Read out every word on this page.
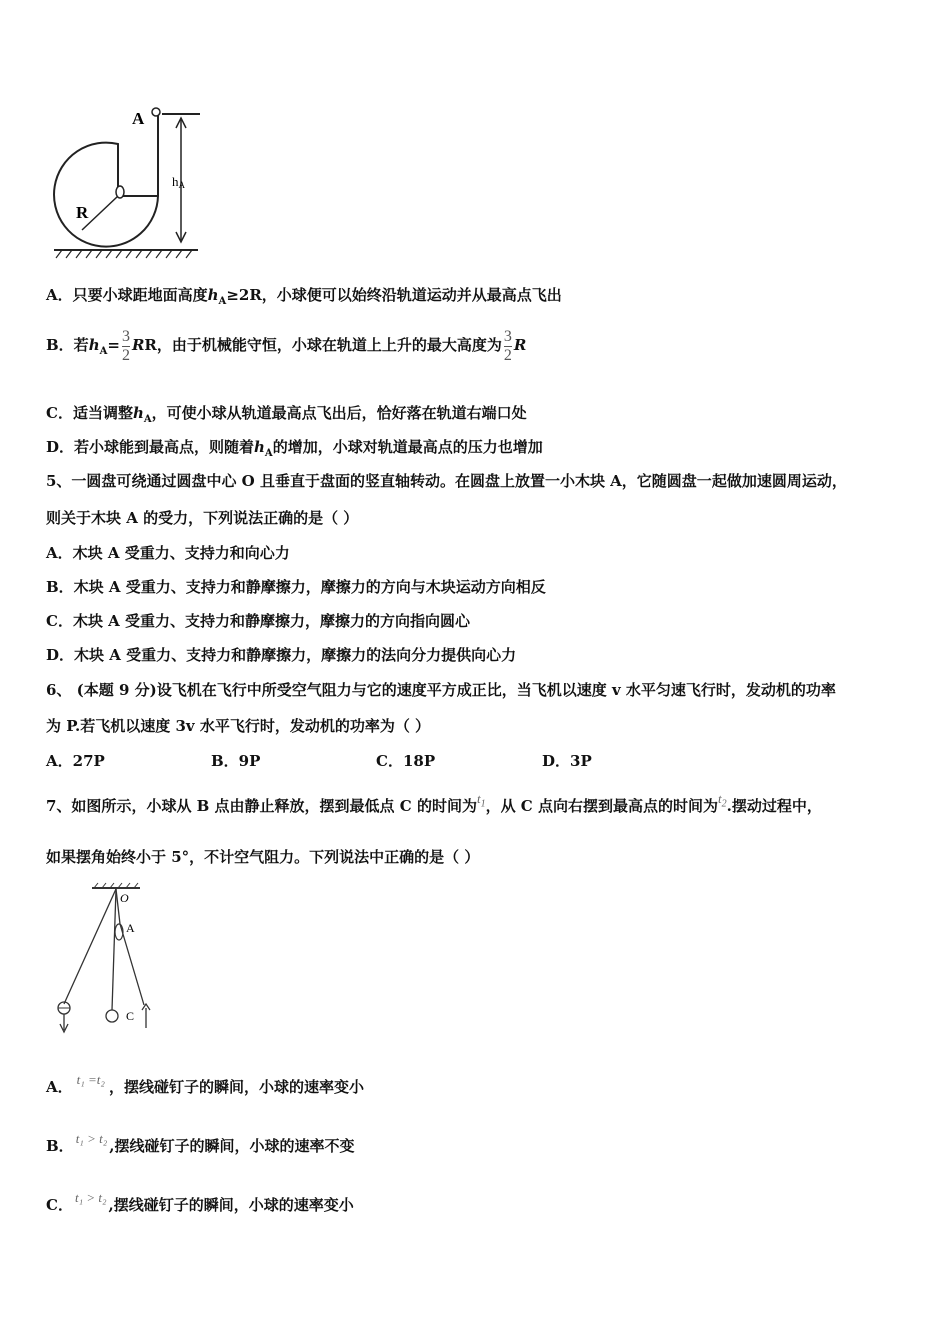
A
hA
R
A．只要小球距地面高度$h_A\ge 2R$，小球便可以始终沿轨道运动并从最高点飞出
B．若$h_A= \frac{3}{2}$ RR，由于机械能守恒，小球在轨道上上升的最大高度为 $\frac{3}{2}$ R
C．适当调整$h_A$，可使小球从轨道最高点飞出后，恰好落在轨道右端口处
D．若小球能到最高点，则随着$h_A$的增加，小球对轨道最高点的压力也增加
5、一圆盘可绕通过圆盘中心 O 且垂直于盘面的竖直轴转动。在圆盘上放置一小木块 A，它随圆盘一起做加速圆周运动，
则关于木块 A 的受力，下列说法正确的是（ ）
A．木块 A 受重力、支持力和向心力
B．木块 A 受重力、支持力和静摩擦力，摩擦力的方向与木块运动方向相反
C．木块 A 受重力、支持力和静摩擦力，摩擦力的方向指向圆心
D．木块 A 受重力、支持力和静摩擦力，摩擦力的法向分力提供向心力
6、 (本题 9 分)设飞机在飞行中所受空气阻力与它的速度平方成正比，当飞机以速度 v 水平匀速飞行时，发动机的功率
为 P.若飞机以速度 3v 水平飞行时，发动机的功率为（ ）
A．27P	B．9P	C．18P	D．3P
7、如图所示，小球从 B 点由静止释放，摆到最低点 C 的时间为$t_1$，从 C 点向右摆到最高点的时间为$t_2$.摆动过程中，
如果摆角始终小于 5°，不计空气阻力。下列说法中正确的是（ ）
O
A
C
A． t₁ =t₂ ，摆线碰钉子的瞬间，小球的速率变小
B． t₁ > t₂ ,摆线碰钉子的瞬间，小球的速率不变
C． t₁ > t₂ ,摆线碰钉子的瞬间，小球的速率变小
